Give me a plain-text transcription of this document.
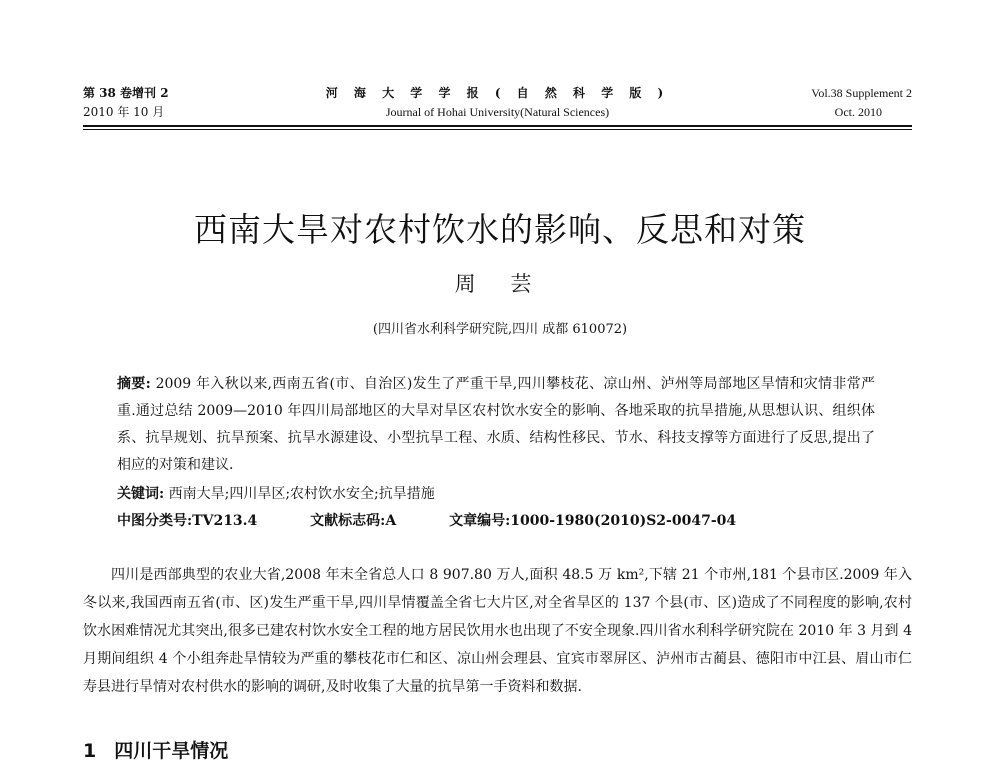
第 38 卷增刊 2
2010 年 10 月
河 海 大 学 学 报 ( 自 然 科 学 版 )
Journal of Hohai University(Natural Sciences)
Vol.38 Supplement 2
Oct. 2010
西南大旱对农村饮水的影响、反思和对策
周 芸
(四川省水利科学研究院,四川 成都 610072)
摘要: 2009 年入秋以来,西南五省(市、自治区)发生了严重干旱,四川攀枝花、凉山州、泸州等局部地区旱情和灾情非常严重.通过总结 2009—2010 年四川局部地区的大旱对旱区农村饮水安全的影响、各地采取的抗旱措施,从思想认识、组织体系、抗旱规划、抗旱预案、抗旱水源建设、小型抗旱工程、水质、结构性移民、节水、科技支撑等方面进行了反思,提出了相应的对策和建议.
关键词: 西南大旱;四川旱区;农村饮水安全;抗旱措施
中图分类号:TV213.4	文献标志码:A	文章编号:1000-1980(2010)S2-0047-04

四川是西部典型的农业大省,2008 年末全省总人口 8 907.80 万人,面积 48.5 万 km²,下辖 21 个市州,181 个县市区.2009 年入冬以来,我国西南五省(市、区)发生严重干旱,四川旱情覆盖全省七大片区,对全省旱区的 137 个县(市、区)造成了不同程度的影响,农村饮水困难情况尤其突出,很多已建农村饮水安全工程的地方居民饮用水也出现了不安全现象.四川省水利科学研究院在 2010 年 3 月到 4 月期间组织 4 个小组奔赴旱情较为严重的攀枝花市仁和区、凉山州会理县、宜宾市翠屏区、泸州市古蔺县、德阳市中江县、眉山市仁寿县进行旱情对农村供水的影响的调研,及时收集了大量的抗旱第一手资料和数据.

1 四川干旱情况
